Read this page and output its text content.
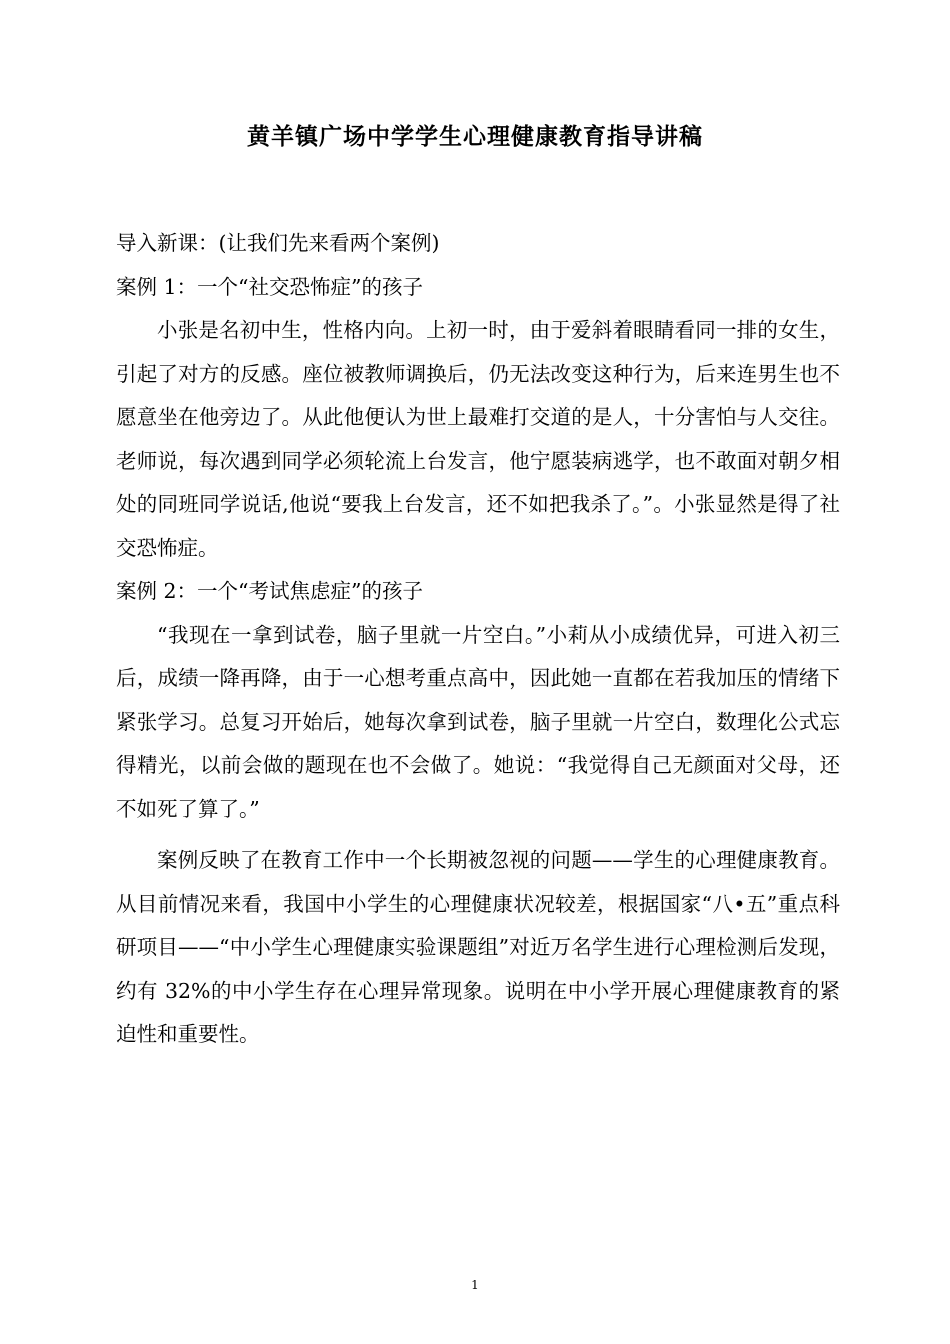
黄羊镇广场中学学生心理健康教育指导讲稿

导入新课：(让我们先来看两个案例)

案例 1：一个“社交恐怖症”的孩子

小张是名初中生，性格内向。上初一时，由于爱斜着眼睛看同一排的女生，引起了对方的反感。座位被教师调换后，仍无法改变这种行为，后来连男生也不愿意坐在他旁边了。从此他便认为世上最难打交道的是人，十分害怕与人交往。老师说，每次遇到同学必须轮流上台发言，他宁愿装病逃学，也不敢面对朝夕相处的同班同学说话,他说“要我上台发言，还不如把我杀了。”。小张显然是得了社交恐怖症。

案例 2：一个“考试焦虑症”的孩子

“我现在一拿到试卷，脑子里就一片空白。”小莉从小成绩优异，可进入初三后，成绩一降再降，由于一心想考重点高中，因此她一直都在若我加压的情绪下紧张学习。总复习开始后，她每次拿到试卷，脑子里就一片空白，数理化公式忘得精光，以前会做的题现在也不会做了。她说：“我觉得自己无颜面对父母，还不如死了算了。”

案例反映了在教育工作中一个长期被忽视的问题——学生的心理健康教育。从目前情况来看，我国中小学生的心理健康状况较差，根据国家“八•五”重点科研项目——“中小学生心理健康实验课题组”对近万名学生进行心理检测后发现，约有 32%的中小学生存在心理异常现象。说明在中小学开展心理健康教育的紧迫性和重要性。

1
